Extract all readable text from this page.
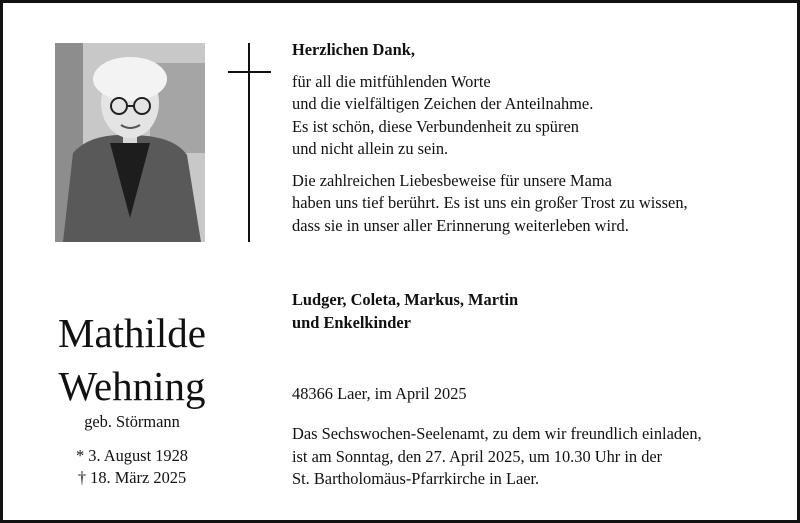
Herzlichen Dank,

für all die mitfühlenden Worte
und die vielfältigen Zeichen der Anteilnahme.
Es ist schön, diese Verbundenheit zu spüren
und nicht allein zu sein.

Die zahlreichen Liebesbeweise für unsere Mama
haben uns tief berührt. Es ist uns ein großer Trost zu wissen,
dass sie in unser aller Erinnerung weiterleben wird.

Ludger, Coleta, Markus, Martin

und Enkelkinder

48366 Laer, im April 2025

Das Sechswochen-Seelenamt, zu dem wir freundlich einladen,
ist am Sonntag, den 27. April 2025, um 10.30 Uhr in der
St. Bartholomäus-Pfarrkirche in Laer.

Mathilde
Wehning
geb. Störmann
* 3. August 1928
† 18. März 2025
